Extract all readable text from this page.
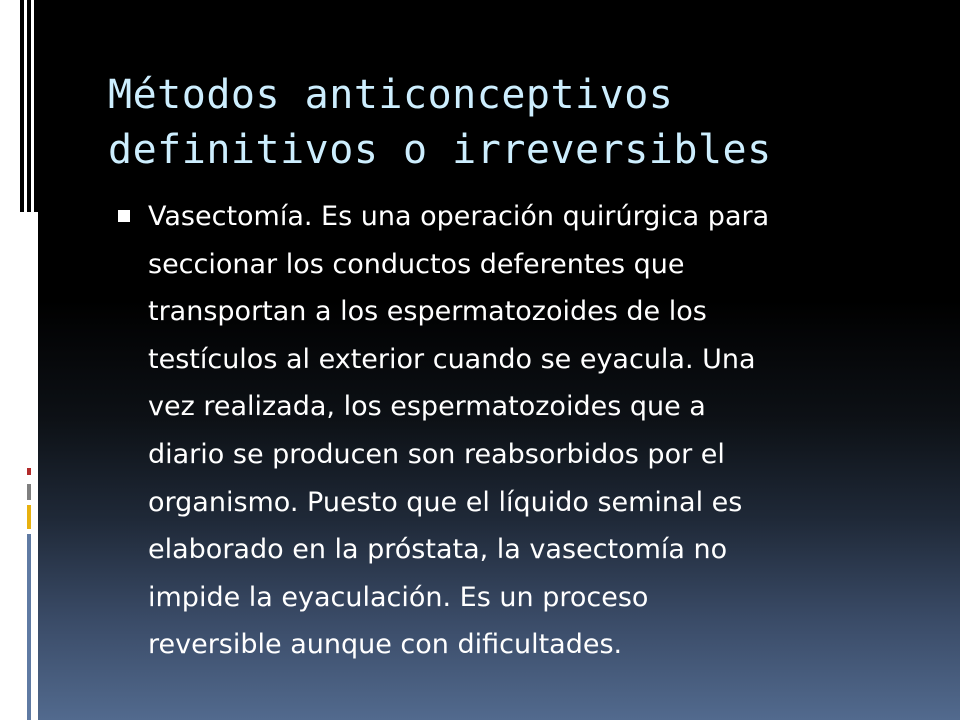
Métodos anticonceptivos
definitivos o irreversibles
Vasectomía. Es una operación quirúrgica para
seccionar los conductos deferentes que
transportan a los espermatozoides de los
testículos al exterior cuando se eyacula. Una
vez realizada, los espermatozoides que a
diario se producen son reabsorbidos por el
organismo. Puesto que el líquido seminal es
elaborado en la próstata, la vasectomía no
impide la eyaculación. Es un proceso
reversible aunque con dificultades.
